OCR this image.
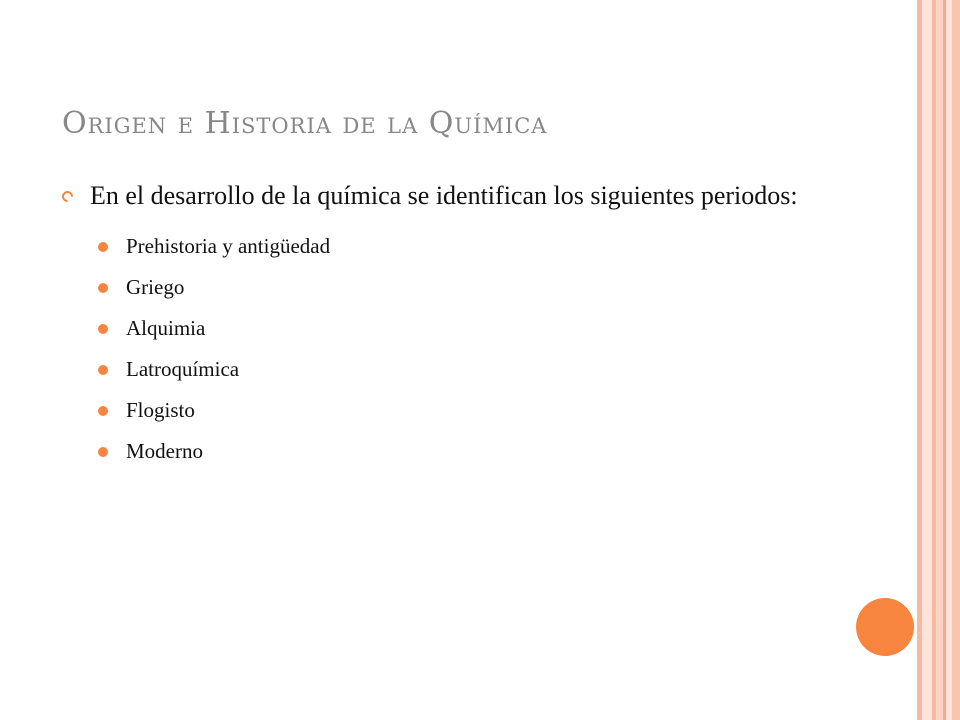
Origen e Historia de la Química
En el desarrollo de la química se identifican los siguientes periodos:
Prehistoria y antigüedad
Griego
Alquimia
Latroquímica
Flogisto
Moderno
